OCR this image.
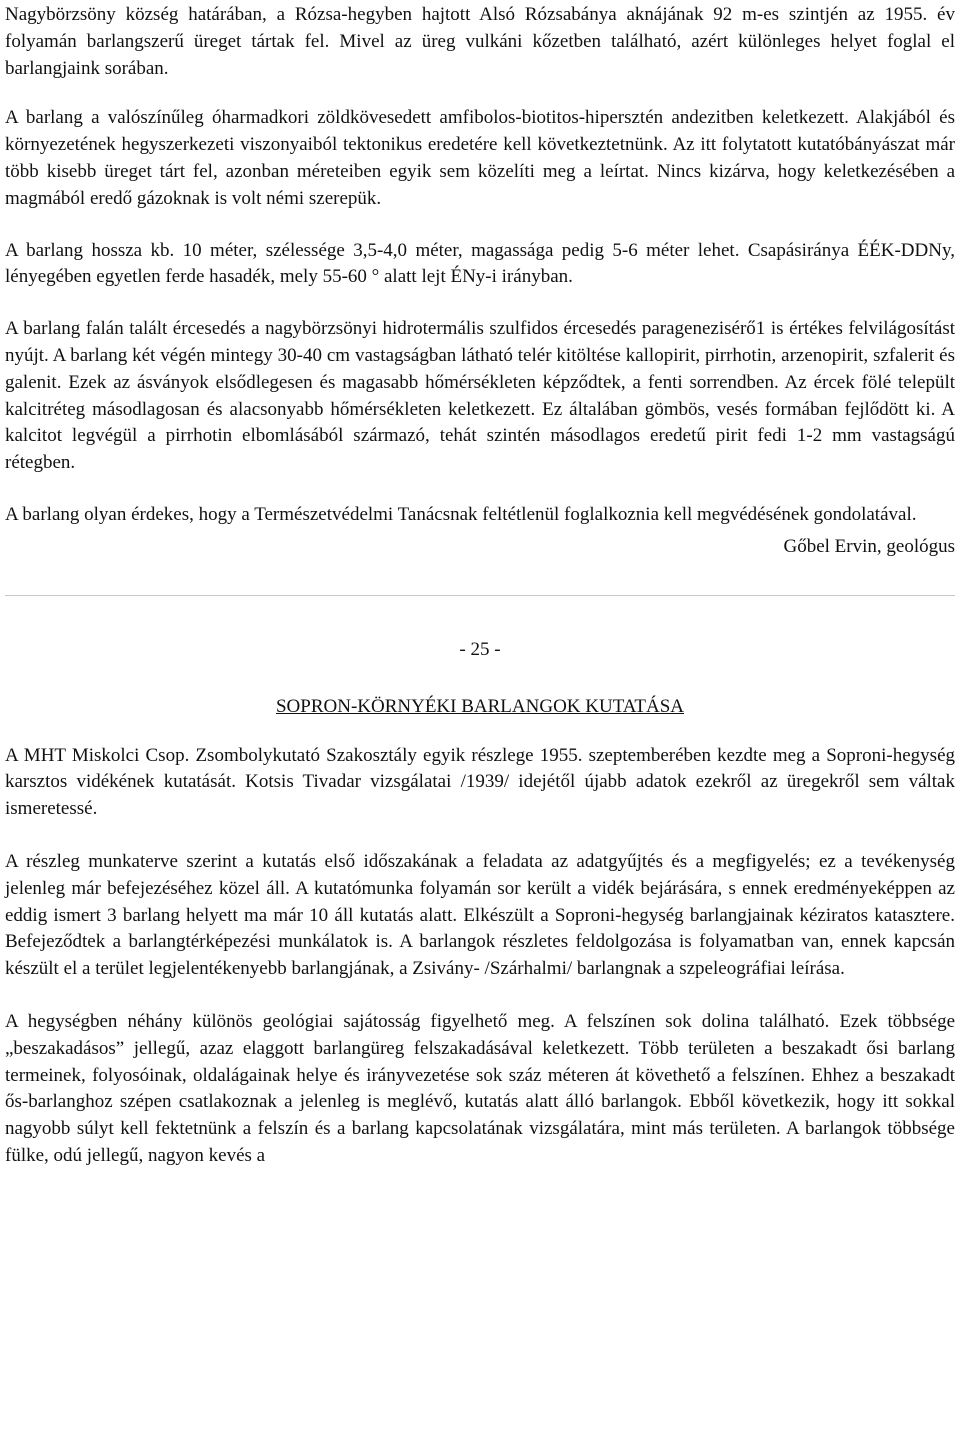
Nagybörzsöny község határában, a Rózsa-hegyben hajtott Alsó Rózsabánya aknájának 92 m-es szintjén az 1955. év folyamán barlangszerű üreget tártak fel. Mivel az üreg vulkáni kőzetben található, azért különleges helyet foglal el barlangjaink sorában.

A barlang a valószínűleg óharmadkori zöldkövesedett amfibolos-biotitos-hipersztén andezitben keletkezett. Alakjából és környezetének hegyszerkezeti viszonyaiból tektonikus eredetére kell következtetnünk. Az itt folytatott kutatóbányászat már több kisebb üreget tárt fel, azonban méreteiben egyik sem közelíti meg a leírtat. Nincs kizárva, hogy keletkezésében a magmából eredő gázoknak is volt némi szerepük.

A barlang hossza kb. 10 méter, szélessége 3,5-4,0 méter, magassága pedig 5-6 méter lehet. Csapásiránya ÉÉK-DDNy, lényegében egyetlen ferde hasadék, mely 55-60 ° alatt lejt ÉNy-i irányban.

A barlang falán talált ércesedés a nagybörzsönyi hidrotermális szulfidos ércesedés paragenezisérő1 is értékes felvilágosítást nyújt. A barlang két végén mintegy 30-40 cm vastagságban látható telér kitöltése kallopirit, pirrhotin, arzenopirit, szfalerit és galenit. Ezek az ásványok elsődlegesen és magasabb hőmérsékleten képződtek, a fenti sorrendben. Az ércek fölé települt kalcitréteg másodlagosan és alacsonyabb hőmérsékleten keletkezett. Ez általában gömbös, vesés formában fejlődött ki. A kalcitot legvégül a pirrhotin elbomlásából származó, tehát szintén másodlagos eredetű pirit fedi 1-2 mm vastagságú rétegben.

A barlang olyan érdekes, hogy a Természetvédelmi Tanácsnak feltétlenül foglalkoznia kell megvédésének gondolatával.

Gőbel Ervin, geológus
- 25 -
SOPRON-KÖRNYÉKI BARLANGOK KUTATÁSA

A MHT Miskolci Csop. Zsombolykutató Szakosztály egyik részlege 1955. szeptemberében kezdte meg a Soproni-hegység karsztos vidékének kutatását. Kotsis Tivadar vizsgálatai /1939/ idejétől újabb adatok ezekről az üregekről sem váltak ismeretessé.

A részleg munkaterve szerint a kutatás első időszakának a feladata az adatgyűjtés és a megfigyelés; ez a tevékenység jelenleg már befejezéséhez közel áll. A kutatómunka folyamán sor került a vidék bejárására, s ennek eredményeképpen az eddig ismert 3 barlang helyett ma már 10 áll kutatás alatt. Elkészült a Soproni-hegység barlangjainak kéziratos katasztere. Befejeződtek a barlangtérképezési munkálatok is. A barlangok részletes feldolgozása is folyamatban van, ennek kapcsán készült el a terület legjelentékenyebb barlangjának, a Zsivány- /Szárhalmi/ barlangnak a szpeleográfiai leírása.

A hegységben néhány különös geológiai sajátosság figyelhető meg. A felszínen sok dolina található. Ezek többsége „beszakadásos” jellegű, azaz elaggott barlangüreg felszakadásával keletkezett. Több területen a beszakadt ősi barlang termeinek, folyosóinak, oldalágainak helye és irányvezetése sok száz méteren át követhető a felszínen. Ehhez a beszakadt ős-barlanghoz szépen csatlakoznak a jelenleg is meglévő, kutatás alatt álló barlangok. Ebből következik, hogy itt sokkal nagyobb súlyt kell fektetnünk a felszín és a barlang kapcsolatának vizsgálatára, mint más területen. A barlangok többsége fülke, odú jellegű, nagyon kevés a
